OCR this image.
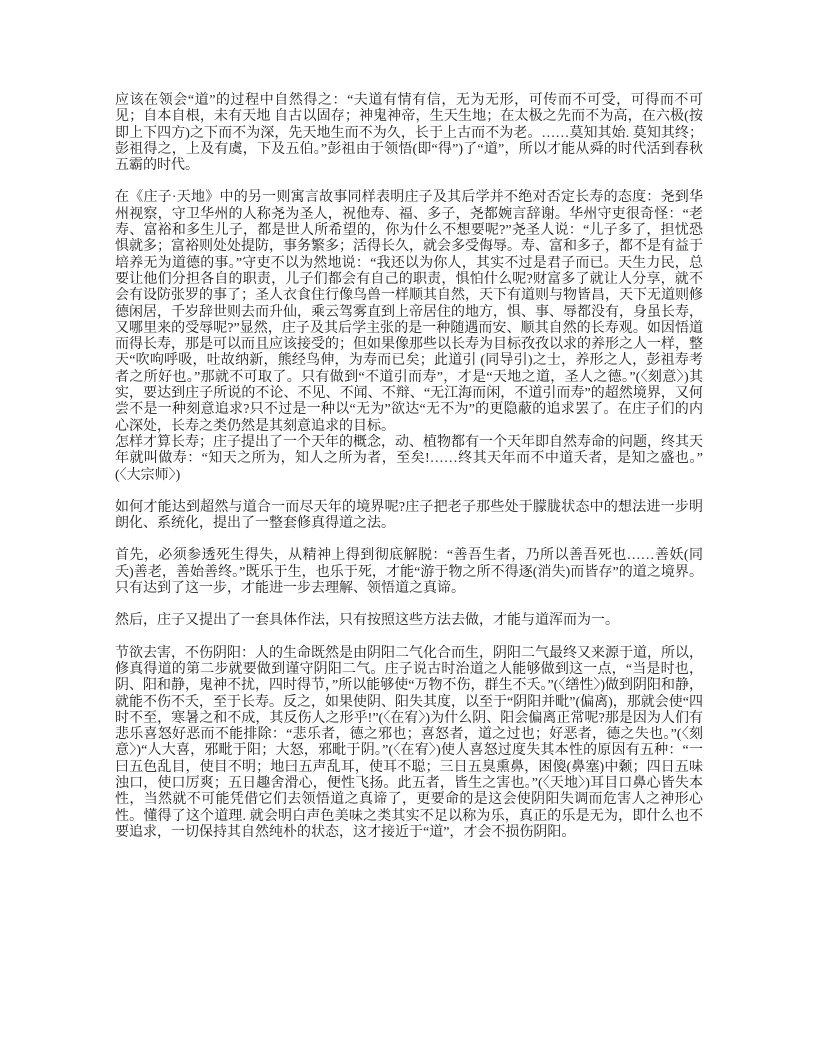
应该在领会“道”的过程中自然得之：“夫道有情有信，无为无形，可传而不可受，可得而不可见；自本自根，未有天地 自古以固存；神鬼神帝，生天生地；在太极之先而不为高，在六极(按即上下四方)之下而不为深，先天地生而不为久，长于上古而不为老。……莫知其始. 莫知其终；彭祖得之，上及有虞，下及五伯。”彭祖由于领悟(即“得”)了“道”，所以才能从舜的时代活到春秋五霸的时代。

在《庄子·天地》中的另一则寓言故事同样表明庄子及其后学并不绝对否定长寿的态度：尧到华州视察，守卫华州的人称尧为圣人，祝他寿、福、多子，尧都婉言辞谢。华州守吏很奇怪：“老寿、富裕和多生儿子，都是世人所希望的，你为什么不想要呢?”尧圣人说：“儿子多了，担忧恐惧就多；富裕则处处提防，事务繁多；活得长久，就会多受侮辱。寿、富和多子，都不是有益于培养无为道德的事。”守吏不以为然地说：“我还以为你人，其实不过是君子而已。天生力民，总要让他们分担各自的职责，儿子们都会有自己的职责，惧怕什么呢?财富多了就让人分享，就不会有设防张罗的事了；圣人衣食住行像鸟兽一样顺其自然，天下有道则与物皆昌，天下无道则修德闲居，千岁辞世则去而升仙，乘云驾雾直到上帝居住的地方，惧、事、辱都没有，身虽长寿，又哪里来的受辱呢?”显然，庄子及其后学主张的是一种随遇而安、顺其自然的长寿观。如因悟道而得长寿，那是可以而且应该接受的；但如果像那些以长寿为目标孜孜以求的养形之人一样，整天“吹呴呼吸，吐故纳新，熊经鸟伸，为寿而已矣；此道引 (同导引)之士，养形之人，彭祖寿考者之所好也。”那就不可取了。只有做到“不道引而寿”，才是“天地之道，圣人之德。”(〈刻意〉)其实，要达到庄子所说的不论、不见、不闻、不辩、“无江海而闲，不道引而寿”的超然境界，又何尝不是一种刻意追求?只不过是一种以“无为”欲达“无不为”的更隐蔽的追求罢了。在庄子们的内心深处，长寿之类仍然是其刻意追求的目标。

怎样才算长寿；庄子提出了一个天年的概念，动、植物都有一个天年即自然寿命的问题，终其天年就叫做寿：“知天之所为，知人之所为者，至矣!……终其天年而不中道夭者，是知之盛也。”(〈大宗师〉)

如何才能达到超然与道合一而尽天年的境界呢?庄子把老子那些处于朦胧状态中的想法进一步明朗化、系统化，提出了一整套修真得道之法。

首先，必须参透死生得失，从精神上得到彻底解脱：“善吾生者，乃所以善吾死也……善妖(同夭)善老，善始善终。”既乐于生，也乐于死，才能“游于物之所不得逐(消失)而皆存”的道之境界。只有达到了这一步，才能进一步去理解、领悟道之真谛。

然后，庄子又提出了一套具体作法，只有按照这些方法去做，才能与道浑而为一。

节欲去害，不伤阴阳：人的生命既然是由阴阳二气化合而生，阴阳二气最终又来源于道，所以，修真得道的第二步就要做到谨守阴阳二气。庄子说古时治道之人能够做到这一点，“当是时也，阴、阳和静，鬼神不扰，四时得节，”所以能够使“万物不伤，群生不夭。”(〈缮性〉)做到阴阳和静，就能不伤不夭，至于长寿。反之，如果使阴、阳失其度，以至于“阴阳并毗”(偏离)，那就会使“四时不至，寒暑之和不成，其反伤人之形乎!”(〈在宥〉)为什么阴、阳会偏离正常呢?那是因为人们有悲乐喜怒好恶而不能排除：“悲乐者，德之邪也；喜怒者，道之过也；好恶者，德之失也。”(〈刻意〉)“人大喜，邪毗于阳；大怒，邪毗于阴。”(〈在宥〉)使人喜怒过度失其本性的原因有五种：“一曰五色乱目，使目不明；地曰五声乱耳，使耳不聪；三日五臭熏鼻，困傻(鼻塞)中颡；四日五味浊口，使口厉爽；五日趣舍滑心，便性飞扬。此五者，皆生之害也。”(〈天地〉)耳目口鼻心皆失本性，当然就不可能凭借它们去领悟道之真谛了，更要命的是这会使阴阳失调而危害人之神形心性。懂得了这个道理. 就会明白声色美味之类其实不足以称为乐，真正的乐是无为，即什么也不要追求，一切保持其自然纯朴的状态，这才接近于“道”，才会不损伤阴阳。
